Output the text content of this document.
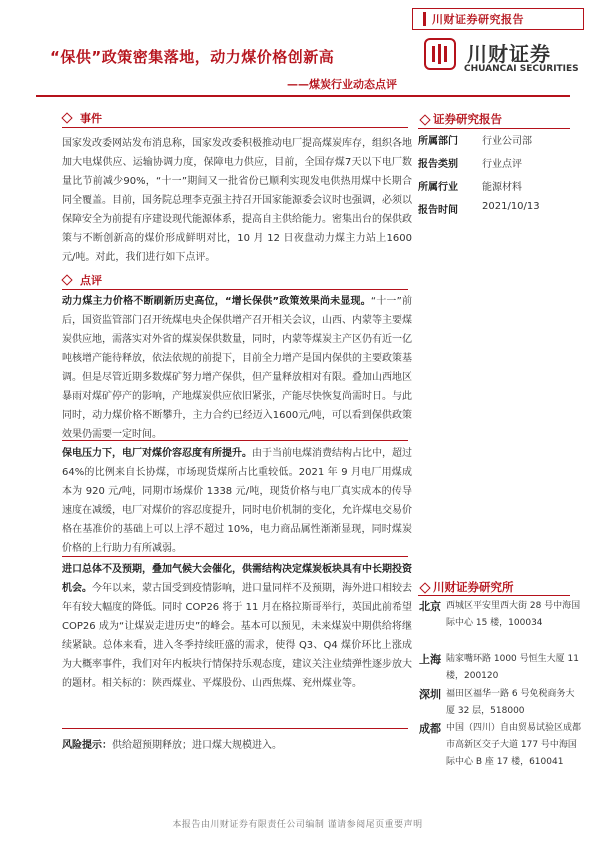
川财证券研究报告
“保供”政策密集落地，动力煤价格创新高
——煤炭行业动态点评
川财证券
CHUANCAI SECURITIES
事件
国家发改委网站发布消息称，国家发改委积极推动电厂提高煤炭库存，组织各地加大电煤供应、运输协调力度，保障电力供应，目前，全国存煤7天以下电厂数量比节前减少90%，“十一”期间又一批省份已顺利实现发电供热用煤中长期合同全覆盖。目前，国务院总理李克强主持召开国家能源委会议时也强调，必须以保障安全为前提有序建设现代能源体系，提高自主供给能力。密集出台的保供政策与不断创新高的煤价形成鲜明对比，10 月 12 日夜盘动力煤主力站上1600元/吨。对此，我们进行如下点评。
点评
动力煤主力价格不断刷新历史高位，“增长保供”政策效果尚未显现。“十一”前后，国资监管部门召开统煤电央企保供增产召开相关会议，山西、内蒙等主要煤炭供应地，需落实对外省的煤炭保供数量，同时，内蒙等煤炭主产区仍有近一亿吨核增产能待释放，依法依规的前提下，目前全力增产是国内保供的主要政策基调。但是尽管近期多数煤矿努力增产保供，但产量释放相对有限。叠加山西地区暴雨对煤矿停产的影响，产地煤炭供应依旧紧张，产能尽快恢复尚需时日。与此同时，动力煤价格不断攀升，主力合约已经迈入1600元/吨，可以看到保供政策效果仍需要一定时间。
保电压力下，电厂对煤价容忍度有所提升。由于当前电煤消费结构占比中，超过 64%的比例来自长协煤，市场现货煤所占比重较低。2021 年 9 月电厂用煤成本为 920 元/吨，同期市场煤价 1338 元/吨，现货价格与电厂真实成本的传导速度在减缓，电厂对煤价的容忍度提升，同时电价机制的变化，允许煤电交易价格在基准价的基础上可以上浮不超过 10%，电力商品属性渐渐显现，同时煤炭价格的上行助力有所减弱。
进口总体不及预期，叠加气候大会催化，供需结构决定煤炭板块具有中长期投资机会。今年以来，蒙古国受到疫情影响，进口量同样不及预期，海外进口相较去年有较大幅度的降低。同时 COP26 将于 11 月在格拉斯哥举行，英国此前希望 COP26 成为“让煤炭走进历史”的峰会。基本可以预见，未来煤炭中期供给将继续紧缺。总体来看，进入冬季持续旺盛的需求，使得 Q3、Q4 煤价环比上涨成为大概率事件，我们对年内板块行情保持乐观态度，建议关注业绩弹性逐步放大的题材。相关标的：陕西煤业、平煤股份、山西焦煤、兖州煤业等。
风险提示：供给超预期释放；进口煤大规模进入。
证券研究报告
所属部门 行业公司部
报告类别 行业点评
所属行业 能源材料
报告时间 2021/10/13
川财证券研究所
北京 西城区平安里西大街 28 号中海国际中心 15 楼，100034
上海 陆家嘴环路 1000 号恒生大厦 11 楼，200120
深圳 福田区福华一路 6 号免税商务大厦 32 层，518000
成都 中国（四川）自由贸易试验区成都市高新区交子大道 177 号中海国际中心 B 座 17 楼，610041
本报告由川财证券有限责任公司编制 谨请参阅尾页重要声明
